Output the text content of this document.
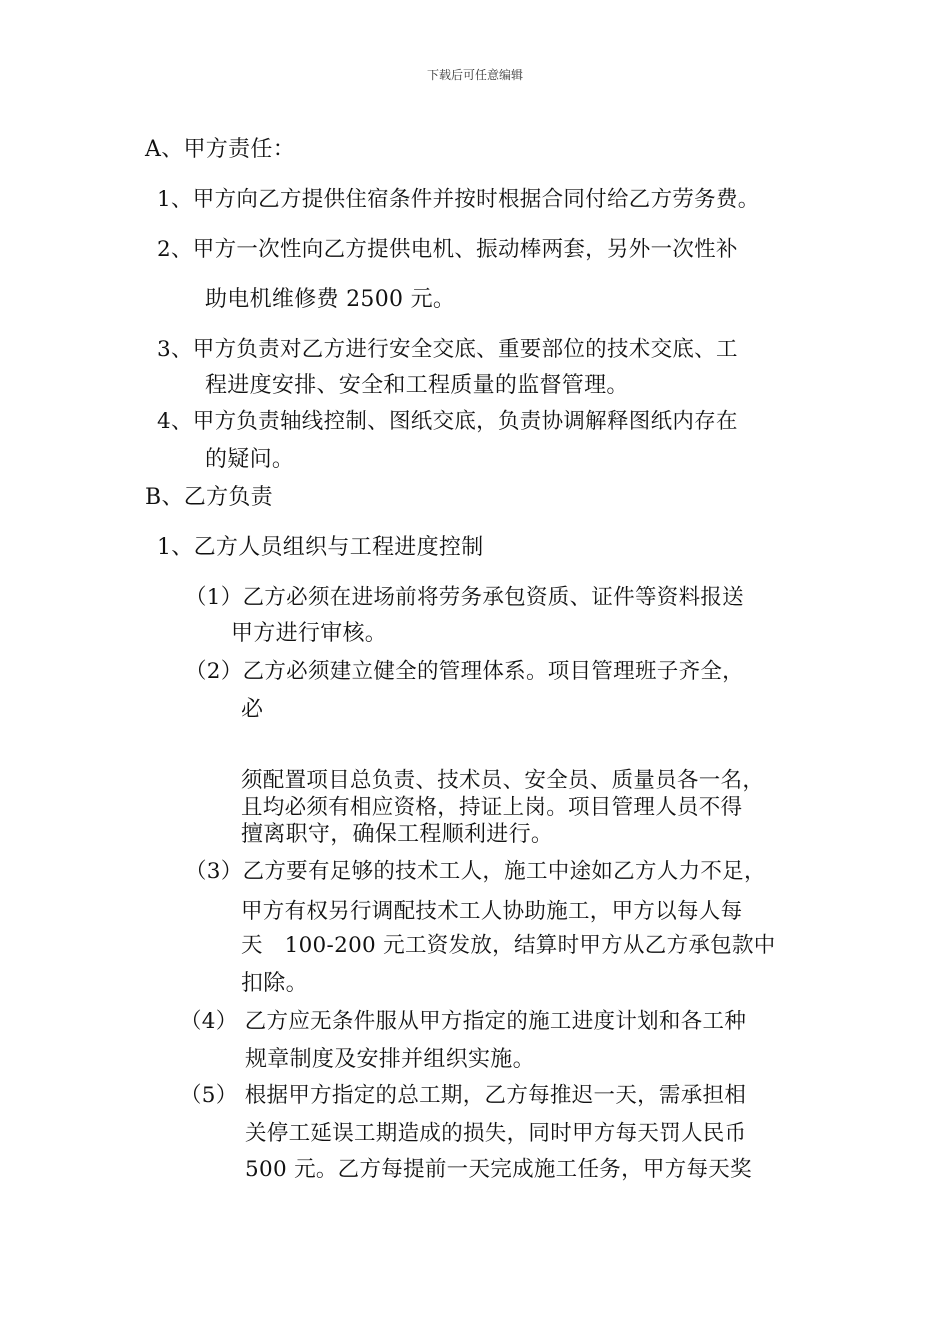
下载后可任意编辑
A、甲方责任：
1、甲方向乙方提供住宿条件并按时根据合同付给乙方劳务费。
2、甲方一次性向乙方提供电机、振动棒两套，另外一次性补
助电机维修费 2500 元。
3、甲方负责对乙方进行安全交底、重要部位的技术交底、工
程进度安排、安全和工程质量的监督管理。
4、甲方负责轴线控制、图纸交底，负责协调解释图纸内存在
的疑问。
B、乙方负责
1、乙方人员组织与工程进度控制
（1）乙方必须在进场前将劳务承包资质、证件等资料报送
甲方进行审核。
（2）乙方必须建立健全的管理体系。项目管理班子齐全，
必
须配置项目总负责、技术员、安全员、质量员各一名，
且均必须有相应资格，持证上岗。项目管理人员不得
擅离职守，确保工程顺利进行。
（3）乙方要有足够的技术工人，施工中途如乙方人力不足，
甲方有权另行调配技术工人协助施工，甲方以每人每
天　100-200 元工资发放，结算时甲方从乙方承包款中
扣除。
（4） 乙方应无条件服从甲方指定的施工进度计划和各工种
规章制度及安排并组织实施。
（5） 根据甲方指定的总工期，乙方每推迟一天，需承担相
关停工延误工期造成的损失，同时甲方每天罚人民币
500 元。乙方每提前一天完成施工任务，甲方每天奖
